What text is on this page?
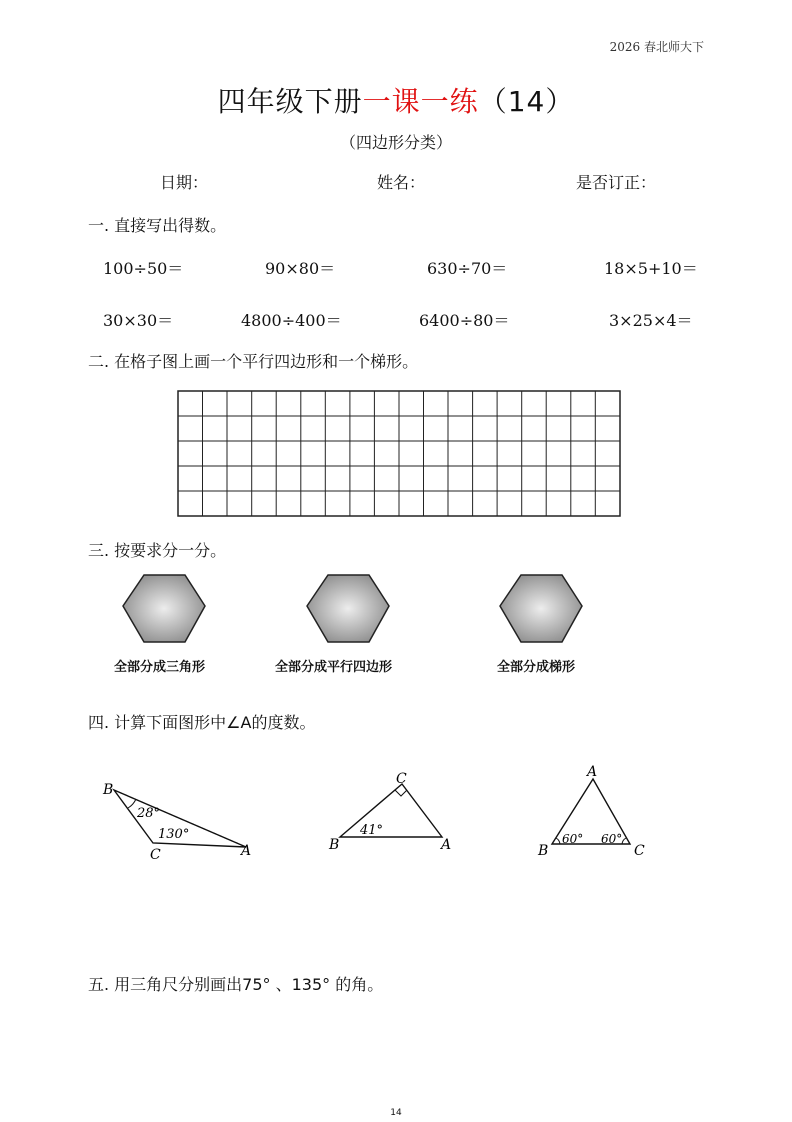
2026 春北师大下
四年级下册一课一练（14）
（四边形分类）
日期：	姓名：	是否订正：
一. 直接写出得数。
100÷50＝	90×80＝	630÷70＝	18×5+10＝
30×30＝	4800÷400＝	6400÷80＝	3×25×4＝
二. 在格子图上画一个平行四边形和一个梯形。
三. 按要求分一分。
全部分成三角形	全部分成平行四边形	全部分成梯形
四. 计算下面图形中∠A的度数。
B
C	A
28°
130°
B
C
A
41°
B
A
C
60° 60°
五. 用三角尺分别画出75° 、135° 的角。
14
